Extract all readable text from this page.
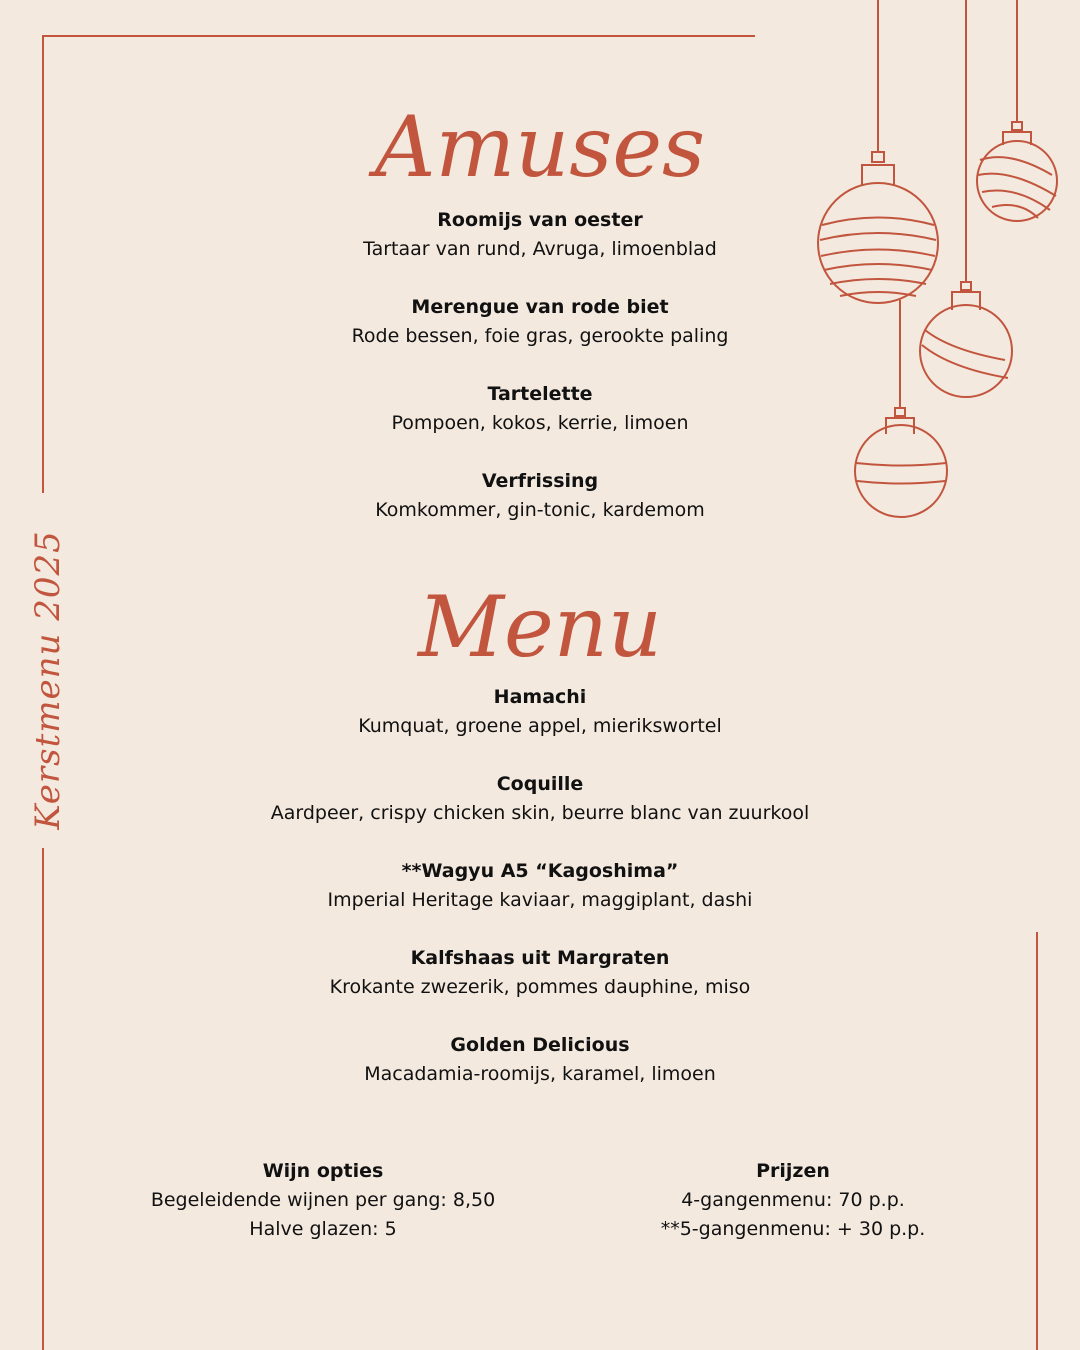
Kerstmenu 2025
Amuses
Roomijs van oester
Tartaar van rund, Avruga, limoenblad
Merengue van rode biet
Rode bessen, foie gras, gerookte paling
Tartelette
Pompoen, kokos, kerrie, limoen
Verfrissing
Komkommer, gin-tonic, kardemom
Menu
Hamachi
Kumquat, groene appel, mierikswortel
Coquille
Aardpeer, crispy chicken skin, beurre blanc van zuurkool
**Wagyu A5 “Kagoshima”
Imperial Heritage kaviaar, maggiplant, dashi
Kalfshaas uit Margraten
Krokante zwezerik, pommes dauphine, miso
Golden Delicious
Macadamia-roomijs, karamel, limoen
Wijn opties
Begeleidende wijnen per gang: 8,50
Halve glazen: 5
Prijzen
4-gangenmenu: 70 p.p.
**5-gangenmenu: + 30 p.p.
